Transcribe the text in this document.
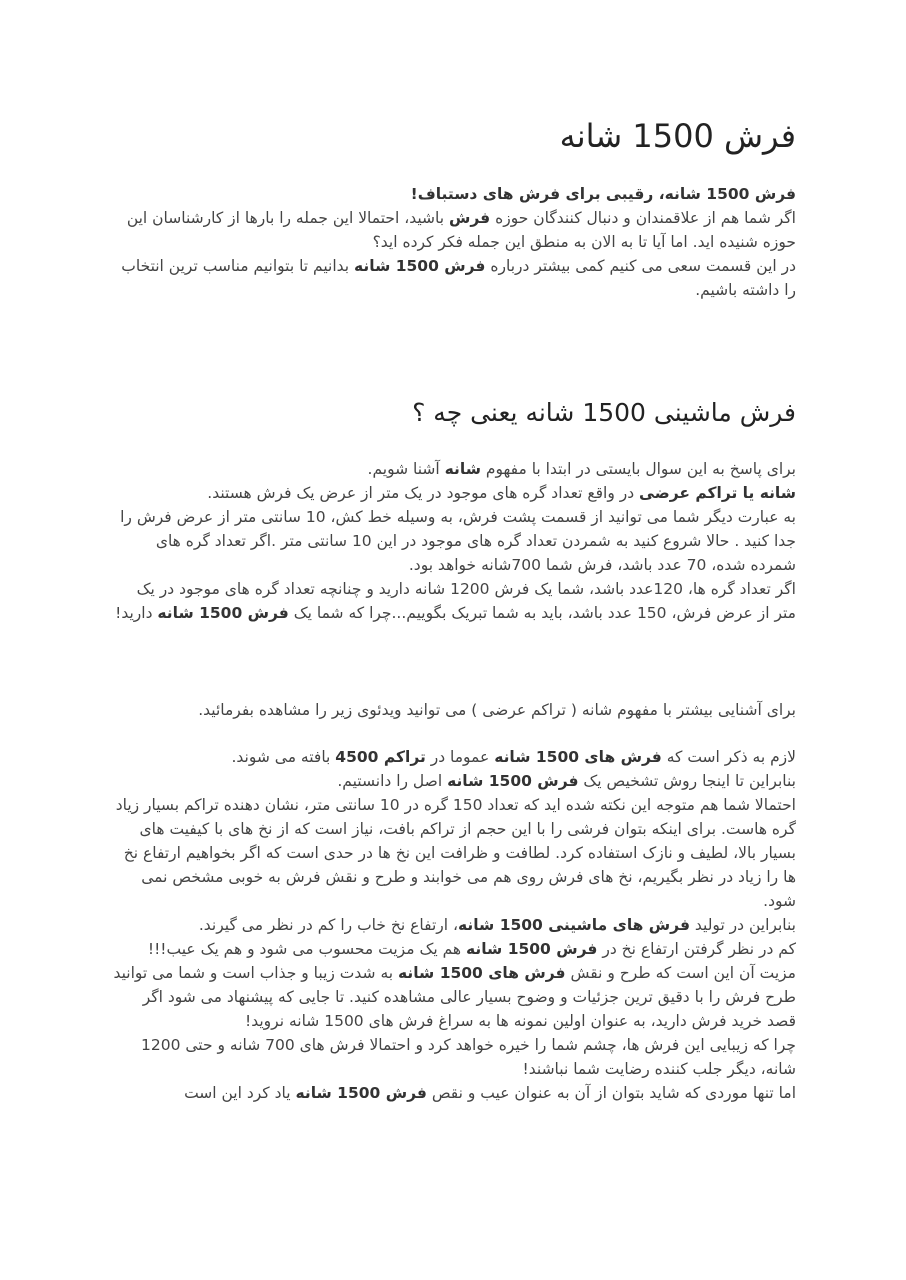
فرش 1500 شانه

فرش 1500 شانه، رقیبی برای فرش های دستباف!

اگر شما هم از علاقمندان و دنبال کنندگان حوزه فرش باشید، احتمالا این جمله را بارها از کارشناسان این حوزه شنیده اید. اما آیا تا به الان به منطق این جمله فکر کرده اید؟

در این قسمت سعی می کنیم کمی بیشتر درباره فرش 1500 شانه بدانیم تا بتوانیم مناسب ترین انتخاب را داشته باشیم.

فرش ماشینی 1500 شانه یعنی چه ؟

برای پاسخ به این سوال بایستی در ابتدا با مفهوم شانه آشنا شویم.

شانه یا تراکم عرضی در واقع تعداد گره های موجود در یک متر از عرض یک فرش هستند.

به عبارت دیگر شما می توانید از قسمت پشت فرش، به وسیله خط کش، 10 سانتی متر از عرض فرش را جدا کنید . حالا شروع کنید به شمردن تعداد گره های موجود در این 10 سانتی متر .اگر تعداد گره های شمرده شده، 70 عدد باشد، فرش شما 700شانه خواهد بود.

اگر تعداد گره ها، 120عدد باشد، شما یک فرش 1200 شانه دارید و چنانچه تعداد گره های موجود در یک متر از عرض فرش، 150 عدد باشد، باید به شما تبریک بگوییم...چرا که شما یک فرش 1500 شانه دارید!

برای آشنایی بیشتر با مفهوم شانه ( تراکم عرضی ) می توانید ویدئوی زیر را مشاهده بفرمائید.

لازم به ذکر است که فرش های 1500 شانه عموما در تراکم 4500 بافته می شوند.

بنابراین تا اینجا روش تشخیص یک فرش 1500 شانه اصل را دانستیم.

احتمالا شما هم متوجه این نکته شده اید که تعداد 150 گره در 10 سانتی متر، نشان دهنده تراکم بسیار زیاد گره هاست. برای اینکه بتوان فرشی را با این حجم از تراکم بافت، نیاز است که از نخ های با کیفیت های بسیار بالا، لطیف و نازک استفاده کرد. لطافت و ظرافت این نخ ها در حدی است که اگر بخواهیم ارتفاع نخ ها را زیاد در نظر بگیریم، نخ های فرش روی هم می خوابند و طرح و نقش فرش به خوبی مشخص نمی شود.

بنابراین در تولید فرش های ماشینی 1500 شانه، ارتفاع نخ خاب را کم در نظر می گیرند.

کم در نظر گرفتن ارتفاع نخ در فرش 1500 شانه هم یک مزیت محسوب می شود و هم یک عیب!!!

مزیت آن این است که طرح و نقش فرش های 1500 شانه به شدت زیبا و جذاب است و شما می توانید طرح فرش را با دقیق ترین جزئیات و وضوح بسیار عالی مشاهده کنید. تا جایی که پیشنهاد می شود اگر قصد خرید فرش دارید، به عنوان اولین نمونه ها به سراغ فرش های 1500 شانه نروید!

چرا که زیبایی این فرش ها، چشم شما را خیره خواهد کرد و احتمالا فرش های 700 شانه و حتی 1200 شانه، دیگر جلب کننده رضایت شما نباشند!

اما تنها موردی که شاید بتوان از آن به عنوان عیب و نقص فرش 1500 شانه یاد کرد این است
